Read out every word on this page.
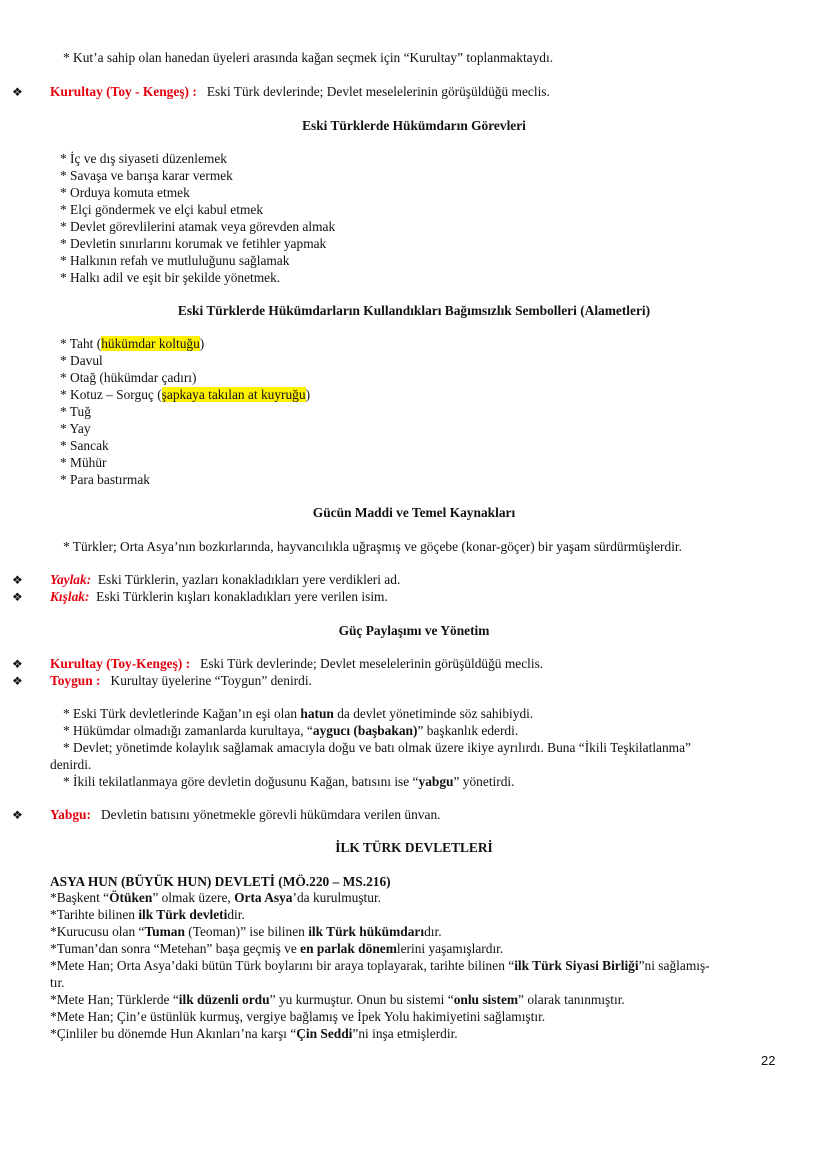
* Kut’a sahip olan hanedan üyeleri arasında kağan seçmek için “Kurultay” toplanmaktaydı.
❖ Kurultay (Toy - Kengeş) : Eski Türk devlerinde; Devlet meselelerinin görüşüldüğü meclis.
Eski Türklerde Hükümdarın Görevleri
* İç ve dış siyaseti düzenlemek
* Savaşa ve barışa karar vermek
* Orduya komuta etmek
* Elçi göndermek ve elçi kabul etmek
* Devlet görevlilerini atamak veya görevden almak
* Devletin sınırlarını korumak ve fetihler yapmak
* Halkının refah ve mutluluğunu sağlamak
* Halkı adil ve eşit bir şekilde yönetmek.
Eski Türklerde Hükümdarların Kullandıkları Bağımsızlık Sembolleri (Alametleri)
* Taht (hükümdar koltuğu)
* Davul
* Otağ (hükümdar çadırı)
* Kotuz – Sorguç (şapkaya takılan at kuyruğu)
* Tuğ
* Yay
* Sancak
* Mühür
* Para bastırmak
Gücün Maddi ve Temel Kaynakları
* Türkler; Orta Asya’nın bozkırlarında, hayvancılıkla uğraşmış ve göçebe (konar-göçer) bir yaşam sürdürmüşlerdir.
❖ Yaylak: Eski Türklerin, yazları konakladıkları yere verdikleri ad.
❖ Kışlak: Eski Türklerin kışları konakladıkları yere verilen isim.
Güç Paylaşımı ve Yönetim
❖ Kurultay (Toy-Kengeş) : Eski Türk devlerinde; Devlet meselelerinin görüşüldüğü meclis.
❖ Toygun : Kurultay üyelerine “Toygun” denirdi.
* Eski Türk devletlerinde Kağan’ın eşi olan hatun da devlet yönetiminde söz sahibiydi.
* Hükümdar olmadığı zamanlarda kurultaya, “aygucı (başbakan)” başkanlık ederdi.
* Devlet; yönetimde kolaylık sağlamak amacıyla doğu ve batı olmak üzere ikiye ayrılırdı. Buna “İkili Teşkilatlanma”
denirdi.
* İkili tekilatlanmaya göre devletin doğusunu Kağan, batısını ise “yabgu” yönetirdi.
❖ Yabgu: Devletin batısını yönetmekle görevli hükümdara verilen ünvan.
İLK TÜRK DEVLETLERİ
ASYA HUN (BÜYÜK HUN) DEVLETİ (MÖ.220 – MS.216)
*Başkent “Ötüken” olmak üzere, Orta Asya’da kurulmuştur.
*Tarihte bilinen ilk Türk devletidir.
*Kurucusu olan “Tuman (Teoman)” ise bilinen ilk Türk hükümdarıdır.
*Tuman’dan sonra “Metehan” başa geçmiş ve en parlak dönemlerini yaşamışlardır.
*Mete Han; Orta Asya’daki bütün Türk boylarını bir araya toplayarak, tarihte bilinen “ilk Türk Siyasi Birliği”ni sağlamış-
tır.
*Mete Han; Türklerde “ilk düzenli ordu” yu kurmuştur. Onun bu sistemi “onlu sistem” olarak tanınmıştır.
*Mete Han; Çin’e üstünlük kurmuş, vergiye bağlamış ve İpek Yolu hakimiyetini sağlamıştır.
*Çinliler bu dönemde Hun Akınları’na karşı “Çin Seddi”ni inşa etmişlerdir.
22
